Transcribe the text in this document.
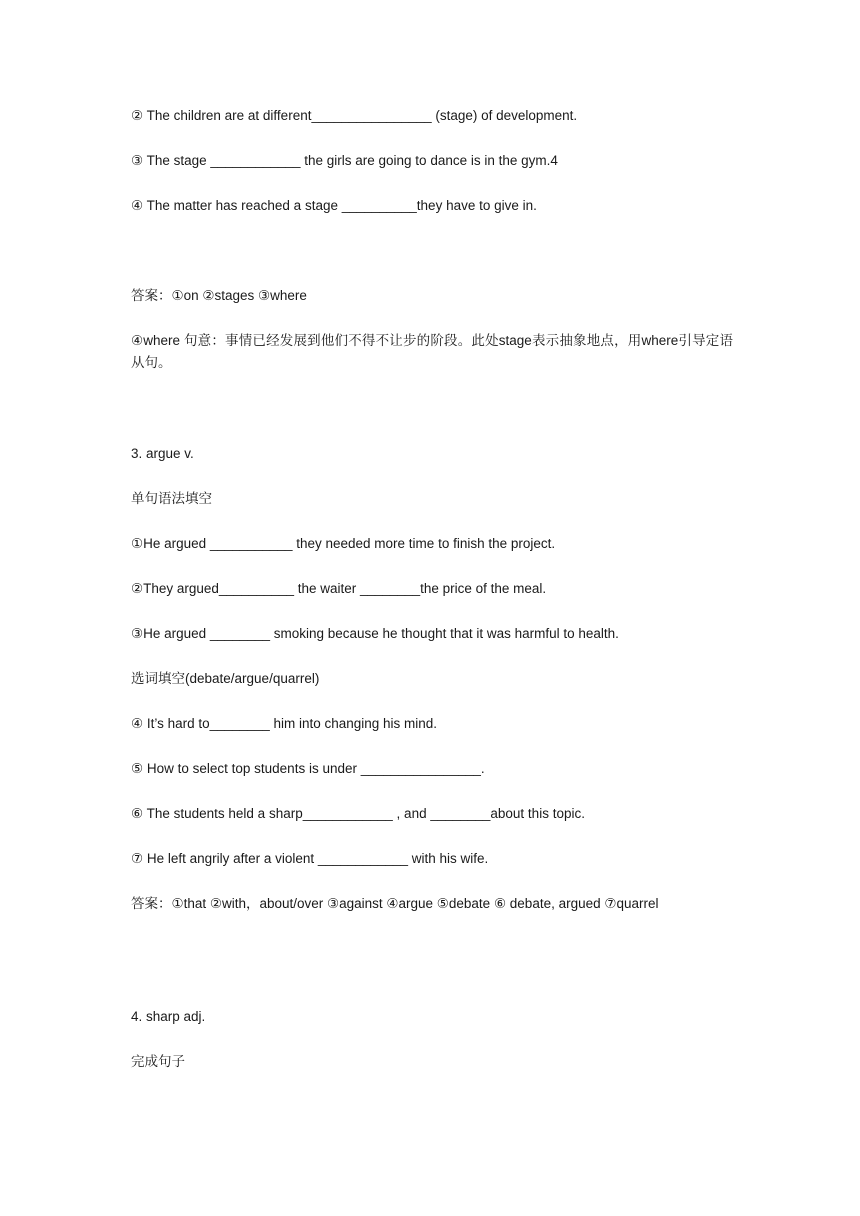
② The children are at different________________ (stage) of development.
③ The stage ____________ the girls are going to dance is in the gym.4
④ The matter has reached a stage __________they have to give in.
答案：①on ②stages ③where
④where 句意：事情已经发展到他们不得不让步的阶段。此处stage表示抽象地点，用where引导定语从句。
3. argue v.
单句语法填空
①He argued ___________ they needed more time to finish the project.
②They argued__________ the waiter ________the price of the meal.
③He argued ________ smoking because he thought that it was harmful to health.
选词填空(debate/argue/quarrel)
④ It’s hard to________ him into changing his mind.
⑤ How to select top students is under ________________.
⑥ The students held a sharp____________ , and ________about this topic.
⑦ He left angrily after a violent ____________ with his wife.
答案：①that ②with，about/over ③against ④argue ⑤debate ⑥ debate, argued ⑦quarrel
4. sharp adj.
完成句子
